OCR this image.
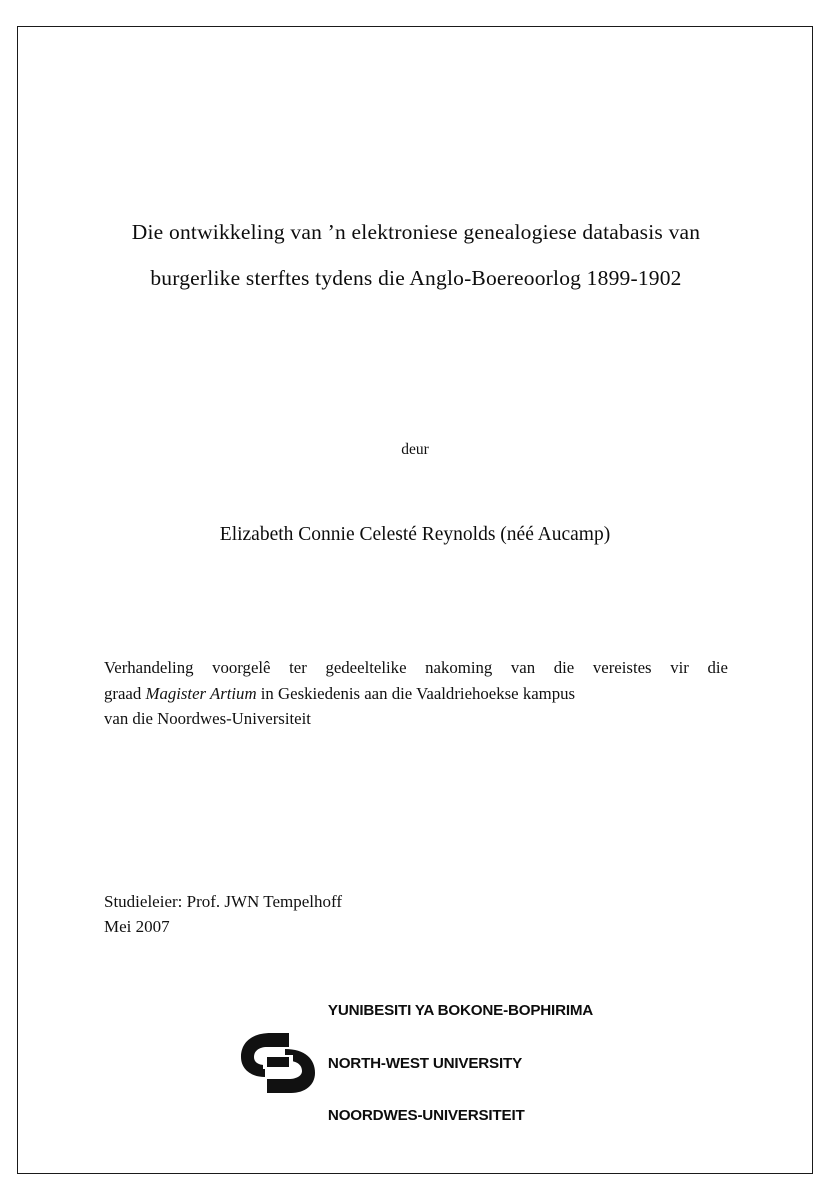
Die ontwikkeling van ’n elektroniese genealogiese databasis van
burgerlike sterftes tydens die Anglo-Boereoorlog 1899-1902
deur
Elizabeth Connie Celesté Reynolds (néé Aucamp)

Verhandeling voorgelê ter gedeeltelike nakoming van die vereistes vir die

graad Magister Artium in Geskiedenis aan die Vaaldriehoekse kampus

van die Noordwes-Universiteit

Studieleier: Prof. JWN Tempelhoff
Mei 2007

YUNIBESITI YA BOKONE-BOPHIRIMA

NORTH-WEST UNIVERSITY

NOORDWES-UNIVERSITEIT
